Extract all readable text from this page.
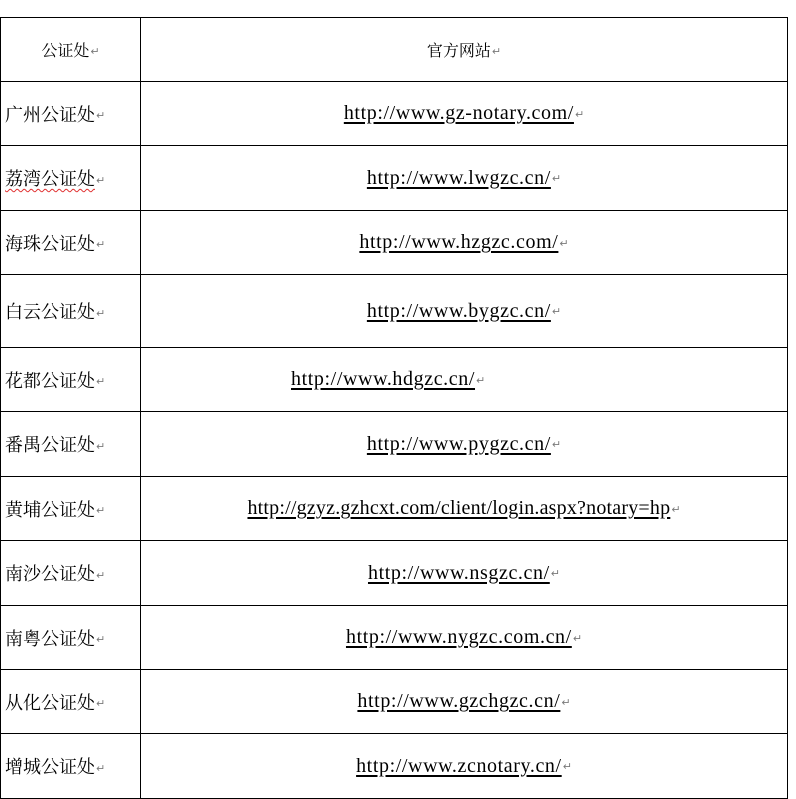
公证处↵	官方网站↵
广州公证处↵	http://www.gz-notary.com/↵
荔湾公证处↵	http://www.lwgzc.cn/↵
海珠公证处↵	http://www.hzgzc.com/↵
白云公证处↵	http://www.bygzc.cn/↵
花都公证处↵	http://www.hdgzc.cn/↵
番禺公证处↵	http://www.pygzc.cn/↵
黄埔公证处↵	http://gzyz.gzhcxt.com/client/login.aspx?notary=hp↵
南沙公证处↵	http://www.nsgzc.cn/↵
南粤公证处↵	http://www.nygzc.com.cn/↵
从化公证处↵	http://www.gzchgzc.cn/↵
增城公证处↵	http://www.zcnotary.cn/↵
